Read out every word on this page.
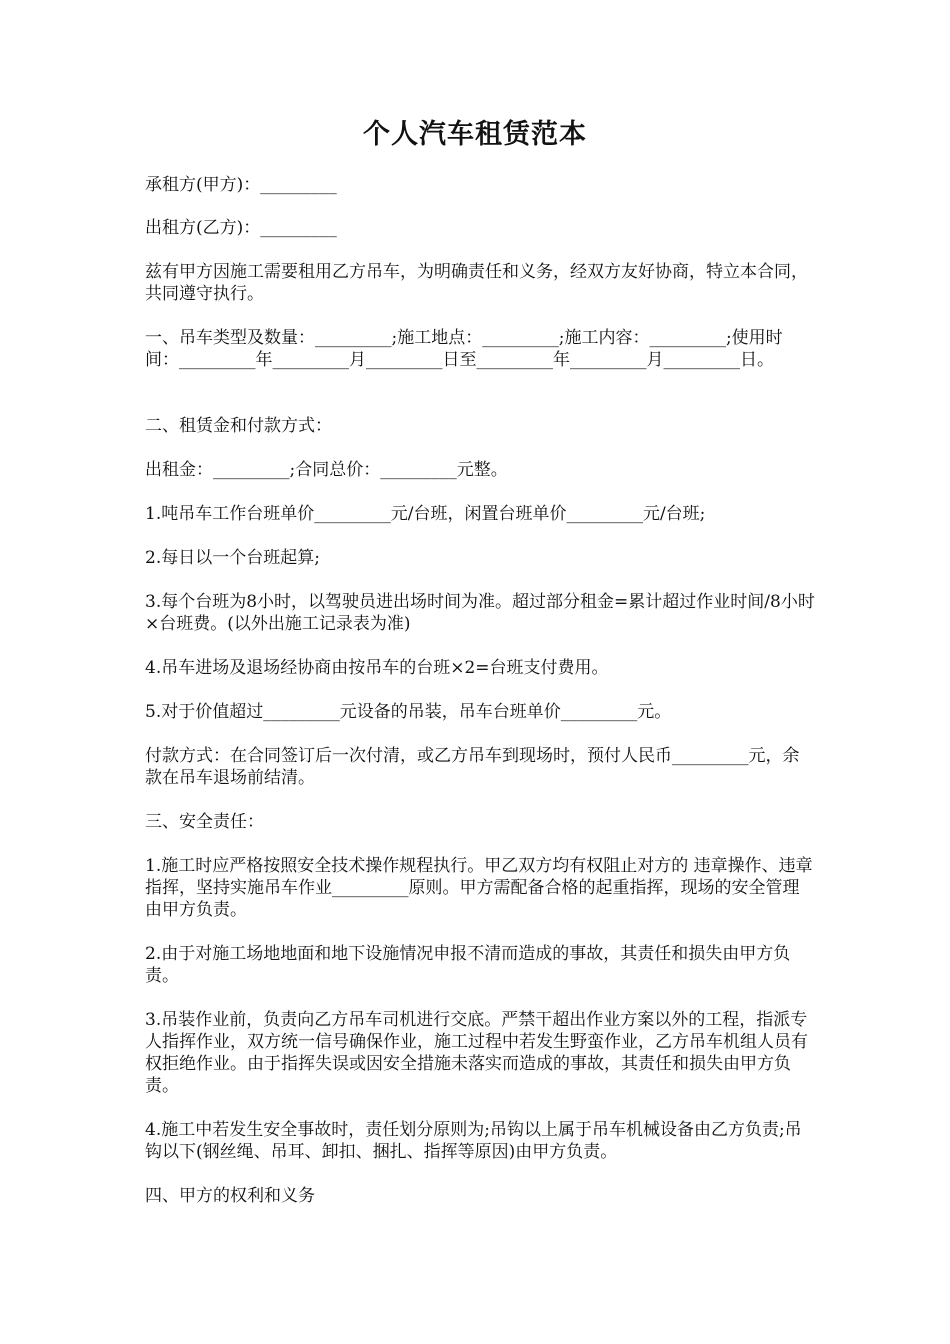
个人汽车租赁范本
承租方(甲方)：_________
出租方(乙方)：_________
兹有甲方因施工需要租用乙方吊车，为明确责任和义务，经双方友好协商，特立本合同，共同遵守执行。
一、吊车类型及数量：_________;施工地点：_________;施工内容：_________;使用时间：_________年_________月_________日至_________年_________月_________日。
二、租赁金和付款方式：
出租金：_________;合同总价：_________元整。
1.吨吊车工作台班单价_________元/台班，闲置台班单价_________元/台班;
2.每日以一个台班起算;
3.每个台班为8小时，以驾驶员进出场时间为准。超过部分租金=累计超过作业时间/8小时×台班费。(以外出施工记录表为准)
4.吊车进场及退场经协商由按吊车的台班×2=台班支付费用。
5.对于价值超过_________元设备的吊装，吊车台班单价_________元。
付款方式：在合同签订后一次付清，或乙方吊车到现场时，预付人民币_________元，余款在吊车退场前结清。
三、安全责任：
1.施工时应严格按照安全技术操作规程执行。甲乙双方均有权阻止对方的 违章操作、违章指挥，坚持实施吊车作业_________原则。甲方需配备合格的起重指挥，现场的安全管理由甲方负责。
2.由于对施工场地地面和地下设施情况申报不清而造成的事故，其责任和损失由甲方负责。
3.吊装作业前，负责向乙方吊车司机进行交底。严禁干超出作业方案以外的工程，指派专人指挥作业，双方统一信号确保作业，施工过程中若发生野蛮作业，乙方吊车机组人员有权拒绝作业。由于指挥失误或因安全措施未落实而造成的事故，其责任和损失由甲方负责。
4.施工中若发生安全事故时，责任划分原则为;吊钩以上属于吊车机械设备由乙方负责;吊钩以下(钢丝绳、吊耳、卸扣、捆扎、指挥等原因)由甲方负责。
四、甲方的权利和义务
